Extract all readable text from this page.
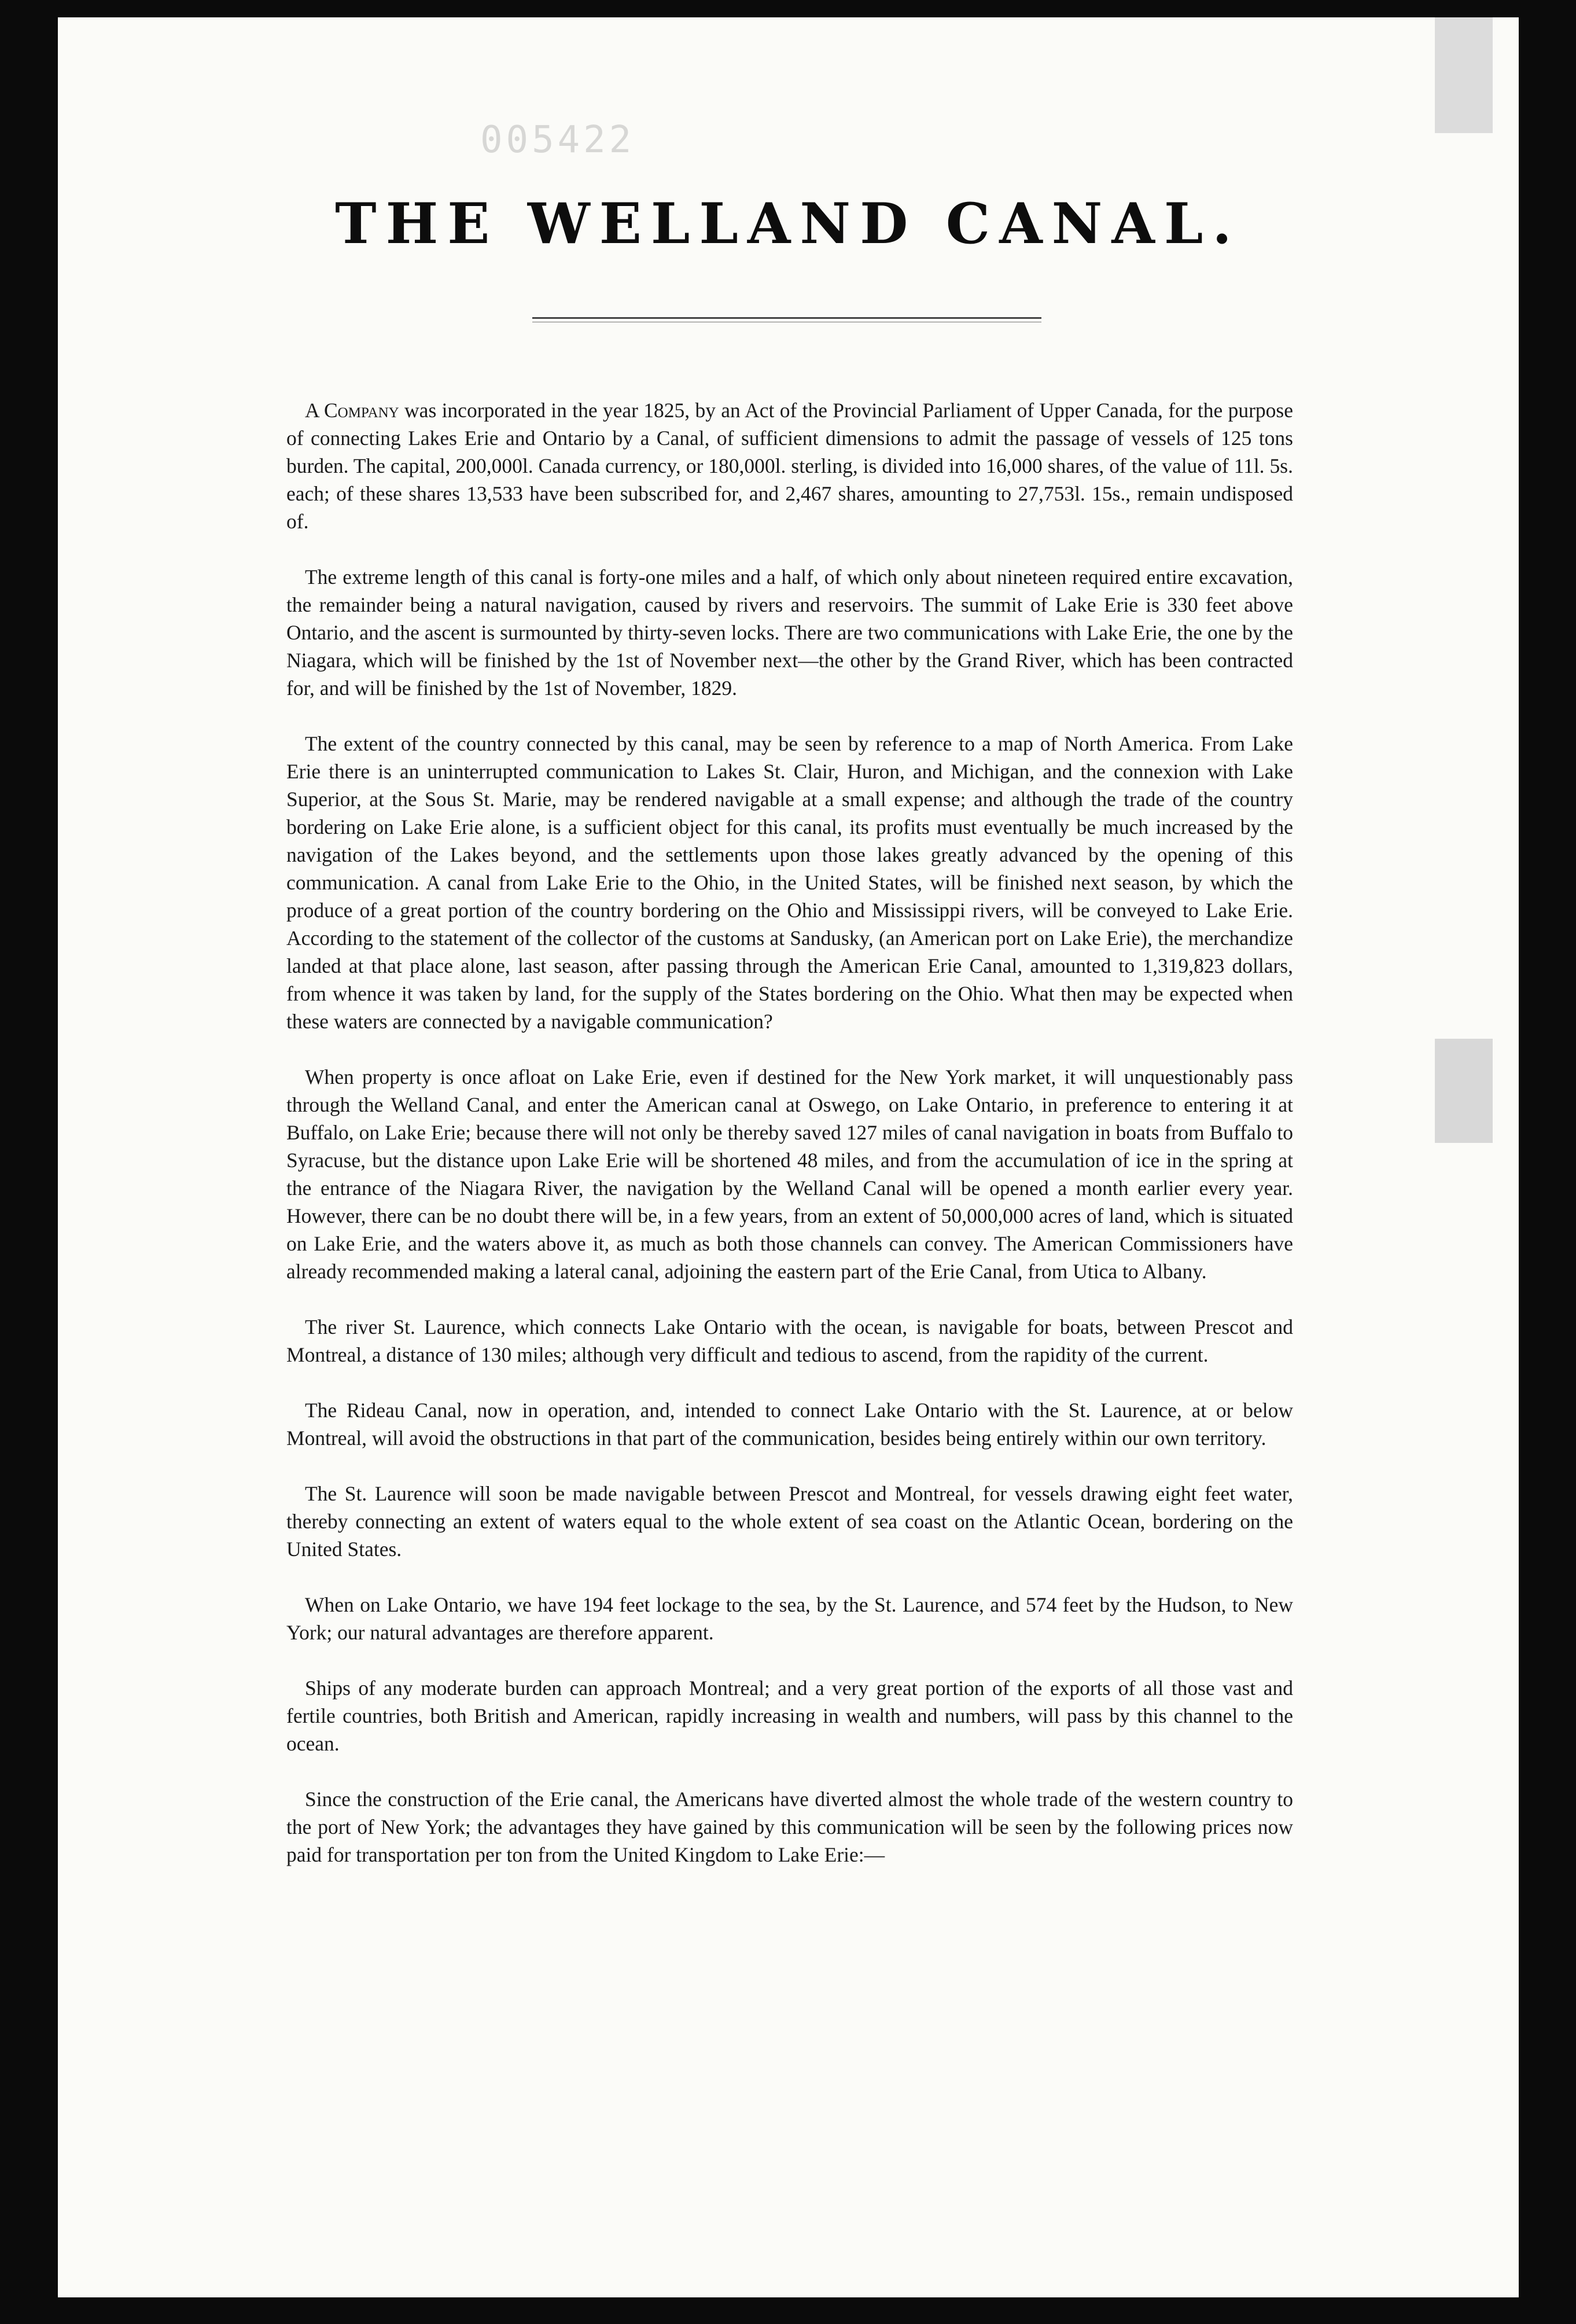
005422
THE WELLAND CANAL.

A Company was incorporated in the year 1825, by an Act of the Provincial Parliament of Upper Canada, for the purpose of connecting Lakes Erie and Ontario by a Canal, of sufficient dimensions to admit the passage of vessels of 125 tons burden. The capital, 200,000l. Canada currency, or 180,000l. sterling, is divided into 16,000 shares, of the value of 11l. 5s. each; of these shares 13,533 have been subscribed for, and 2,467 shares, amounting to 27,753l. 15s., remain undisposed of.

The extreme length of this canal is forty-one miles and a half, of which only about nineteen required entire excavation, the remainder being a natural navigation, caused by rivers and reservoirs. The summit of Lake Erie is 330 feet above Ontario, and the ascent is surmounted by thirty-seven locks. There are two communications with Lake Erie, the one by the Niagara, which will be finished by the 1st of November next—the other by the Grand River, which has been contracted for, and will be finished by the 1st of November, 1829.

The extent of the country connected by this canal, may be seen by reference to a map of North America. From Lake Erie there is an uninterrupted communication to Lakes St. Clair, Huron, and Michigan, and the connexion with Lake Superior, at the Sous St. Marie, may be rendered navigable at a small expense; and although the trade of the country bordering on Lake Erie alone, is a sufficient object for this canal, its profits must eventually be much increased by the navigation of the Lakes beyond, and the settlements upon those lakes greatly advanced by the opening of this communication. A canal from Lake Erie to the Ohio, in the United States, will be finished next season, by which the produce of a great portion of the country bordering on the Ohio and Mississippi rivers, will be conveyed to Lake Erie. According to the statement of the collector of the customs at Sandusky, (an American port on Lake Erie), the merchandize landed at that place alone, last season, after passing through the American Erie Canal, amounted to 1,319,823 dollars, from whence it was taken by land, for the supply of the States bordering on the Ohio. What then may be expected when these waters are connected by a navigable communication?

When property is once afloat on Lake Erie, even if destined for the New York market, it will unquestionably pass through the Welland Canal, and enter the American canal at Oswego, on Lake Ontario, in preference to entering it at Buffalo, on Lake Erie; because there will not only be thereby saved 127 miles of canal navigation in boats from Buffalo to Syracuse, but the distance upon Lake Erie will be shortened 48 miles, and from the accumulation of ice in the spring at the entrance of the Niagara River, the navigation by the Welland Canal will be opened a month earlier every year. However, there can be no doubt there will be, in a few years, from an extent of 50,000,000 acres of land, which is situated on Lake Erie, and the waters above it, as much as both those channels can convey. The American Commissioners have already recommended making a lateral canal, adjoining the eastern part of the Erie Canal, from Utica to Albany.

The river St. Laurence, which connects Lake Ontario with the ocean, is navigable for boats, between Prescot and Montreal, a distance of 130 miles; although very difficult and tedious to ascend, from the rapidity of the current.

The Rideau Canal, now in operation, and, intended to connect Lake Ontario with the St. Laurence, at or below Montreal, will avoid the obstructions in that part of the communication, besides being entirely within our own territory.

The St. Laurence will soon be made navigable between Prescot and Montreal, for vessels drawing eight feet water, thereby connecting an extent of waters equal to the whole extent of sea coast on the Atlantic Ocean, bordering on the United States.

When on Lake Ontario, we have 194 feet lockage to the sea, by the St. Laurence, and 574 feet by the Hudson, to New York; our natural advantages are therefore apparent.

Ships of any moderate burden can approach Montreal; and a very great portion of the exports of all those vast and fertile countries, both British and American, rapidly increasing in wealth and numbers, will pass by this channel to the ocean.

Since the construction of the Erie canal, the Americans have diverted almost the whole trade of the western country to the port of New York; the advantages they have gained by this communication will be seen by the following prices now paid for transportation per ton from the United Kingdom to Lake Erie:—
